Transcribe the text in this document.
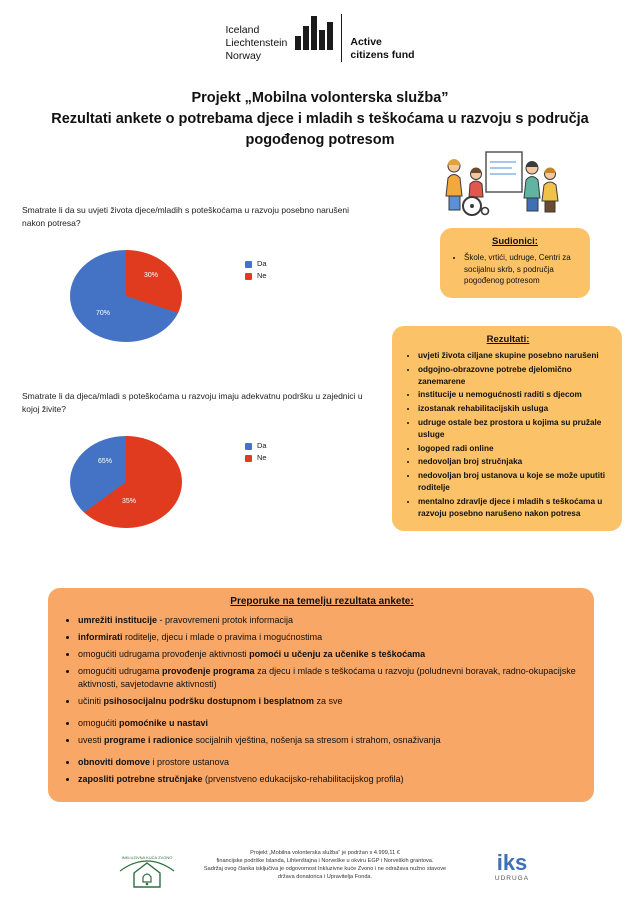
Iceland
Liechtenstein
Norway
Active
citizens fund
Projekt „Mobilna volonterska služba”
Rezultati ankete o potrebama djece i mladih s teškoćama u razvoju s područja
pogođenog potresom
Smatrate li da su uvjeti života djece/mladih s poteškoćama u razvoju posebno narušeni nakon potresa?
30%
70%
Da
Ne
Smatrate li da djeca/mladi s poteškoćama u razvoju imaju adekvatnu podršku u zajednici u kojoj živite?
65%
35%
Da
Ne
Sudionici:
• Škole, vrtići, udruge, Centri za socijalnu skrb, s područja pogođenog potresom
Rezultati:
• uvjeti života ciljane skupine posebno narušeni
• odgojno-obrazovne potrebe djelomično zanemarene
• institucije u nemogućnosti raditi s djecom
• izostanak rehabilitacijskih usluga
• udruge ostale bez prostora u kojima su pružale usluge
• logoped radi online
• nedovoljan broj stručnjaka
• nedovoljan broj ustanova u koje se može uputiti roditelje
• mentalno zdravlje djece i mladih s teškoćama u razvoju posebno narušeno nakon potresa
Preporuke na temelju rezultata ankete:
• umrežiti institucije - pravovremeni protok informacija
• informirati roditelje, djecu i mlade o pravima i mogućnostima
• omogućiti udrugama provođenje aktivnosti pomoći u učenju za učenike s teškoćama
• omogućiti udrugama provođenje programa za djecu i mlade s teškoćama u razvoju (poludnevni boravak, radno-okupacijske aktivnosti, savjetodavne aktivnosti)
• učiniti psihosocijalnu podršku dostupnom i besplatnom za sve
• omogućiti pomoćnike u nastavi
• uvesti programe i radionice socijalnih vještina, nošenja sa stresom i strahom, osnaživanja
• obnoviti domove i prostore ustanova
• zaposliti potrebne stručnjake (prvenstveno edukacijsko-rehabilitacijskog profila)
INKLUZIVNA KUĆA ZVONO
Projekt „Mobilna volonterska služba” je podržan s 4.999,11 €
financijske podrške Islanda, Lihtenštajna i Norveške u okviru EGP i Norveških grantova.
Sadržaj ovog članka isključiva je odgovornost Inkluzivne kuće Zvono i ne odražava nužno stavove
država donatorica i Upraviteljа Fonda.
iks
UDRUGA
